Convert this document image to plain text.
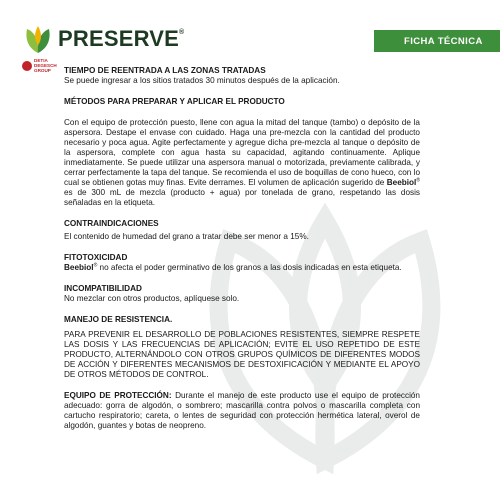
PRESERVE®
FICHA TÉCNICA
DETIA
DEGESCH
GROUP	TIEMPO DE REENTRADA A LAS ZONAS TRATADAS

Se puede ingresar a los sitios tratados 30 minutos después de la aplicación.

MÉTODOS PARA PREPARAR Y APLICAR EL PRODUCTO

Con el equipo de protección puesto, llene con agua la mitad del tanque (tambo) o depósito de la aspersora. Destape el envase con cuidado. Haga una pre-mezcla con la cantidad del producto necesario y poca agua. Agite perfectamente y agregue dicha pre-mezcla al tanque o depósito de la aspersora, complete con agua hasta su capacidad, agitando continuamente. Aplique inmediatamente. Se puede utilizar una aspersora manual o motorizada, previamente calibrada, y cerrar perfectamente la tapa del tanque. Se recomienda el uso de boquillas de cono hueco, con lo cual se obtienen gotas muy finas. Evite derrames. El volumen de aplicación sugerido de Beebiol® es de 300 mL de mezcla (producto + agua) por tonelada de grano, respetando las dosis señaladas en la etiqueta.

CONTRAINDICACIONES

El contenido de humedad del grano a tratar debe ser menor a 15%.

FITOTOXICIDAD

Beebiol® no afecta el poder germinativo de los granos a las dosis indicadas en esta etiqueta.

INCOMPATIBILIDAD

No mezclar con otros productos, aplíquese solo.

MANEJO DE RESISTENCIA.

PARA PREVENIR EL DESARROLLO DE POBLACIONES RESISTENTES, SIEMPRE RESPETE LAS DOSIS Y LAS FRECUENCIAS DE APLICACIÓN; EVITE EL USO REPETIDO DE ESTE PRODUCTO, ALTERNÁNDOLO CON OTROS GRUPOS QUÍMICOS DE DIFERENTES MODOS DE ACCIÓN Y DIFERENTES MECANISMOS DE DESTOXIFICACIÓN Y MEDIANTE EL APOYO DE OTROS MÉTODOS DE CONTROL.

EQUIPO DE PROTECCIÓN: Durante el manejo de este producto use el equipo de protección adecuado: gorra de algodón, o sombrero; mascarilla contra polvos o mascarilla completa con cartucho respiratorio; careta, o lentes de seguridad con protección hermética lateral, overol de algodón, guantes y botas de neopreno.
